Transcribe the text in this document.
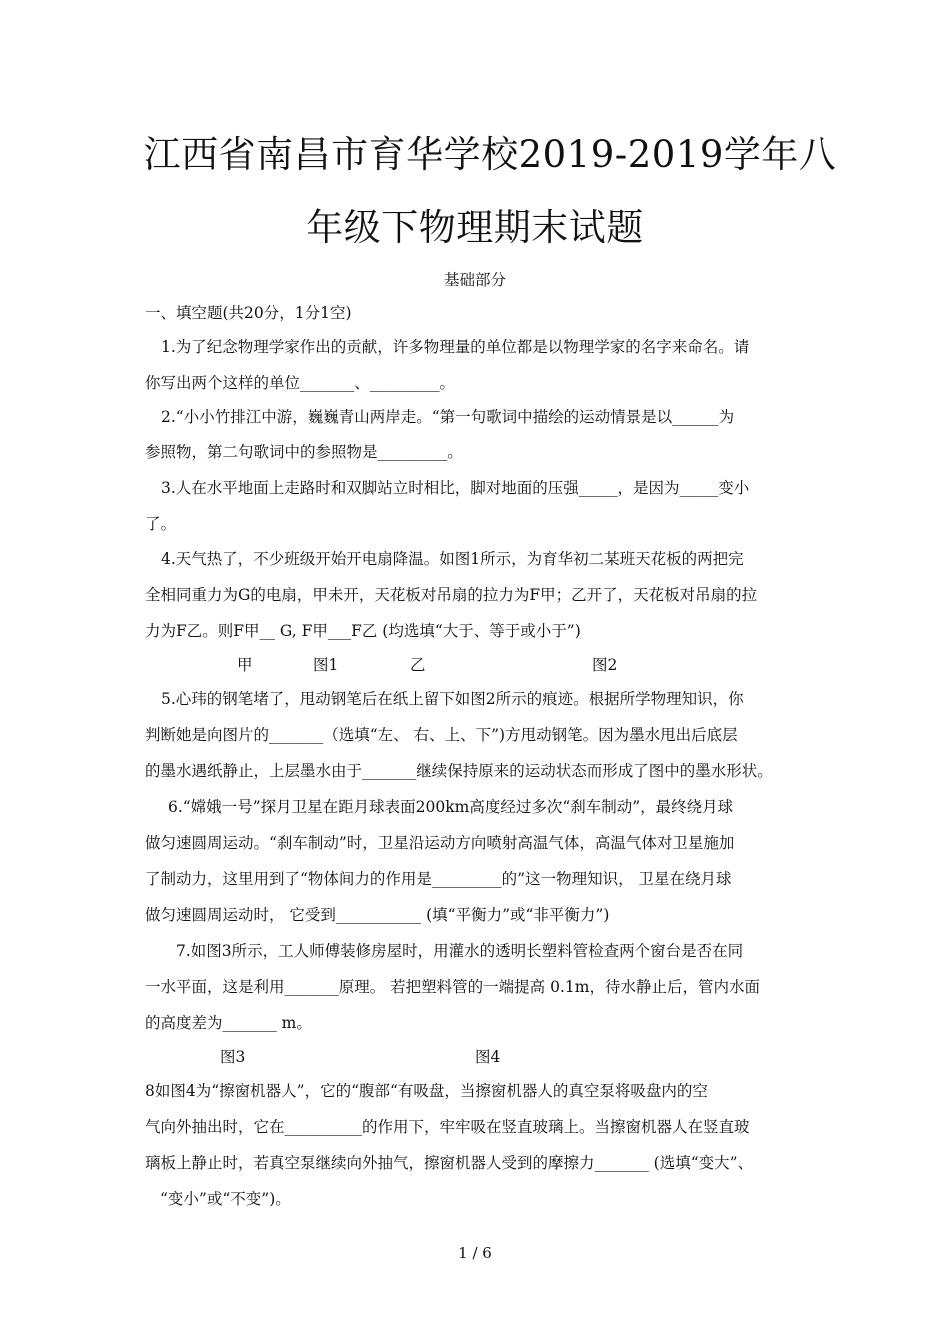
江西省南昌市育华学校2019-2019学年八
年级下物理期末试题
基础部分
一、填空题(共20分，1分1空)
1.为了纪念物理学家作出的贡献，许多物理量的单位都是以物理学家的名字来命名。请
你写出两个这样的单位_______、_________。
2.“小小竹排江中游，巍巍青山两岸走。“第一句歌词中描绘的运动情景是以______为
参照物，第二句歌词中的参照物是_________。
3.人在水平地面上走路时和双脚站立时相比，脚对地面的压强_____，是因为_____变小
了。
4.天气热了，不少班级开始开电扇降温。如图1所示，为育华初二某班天花板的两把完
全相同重力为G的电扇，甲未开，天花板对吊扇的拉力为F甲；乙开了，天花板对吊扇的拉
力为F乙。则F甲__ G, F甲___F乙 (均选填“大于、等于或小于”)
甲	图1	乙	图2
5.心玮的钢笔堵了，甩动钢笔后在纸上留下如图2所示的痕迹。根据所学物理知识，你
判断她是向图片的_______（选填“左、 右、上、下”)方甩动钢笔。因为墨水甩出后底层
的墨水遇纸静止，上层墨水由于_______继续保持原来的运动状态而形成了图中的墨水形状。
6.“嫦娥一号”探月卫星在距月球表面200km高度经过多次“刹车制动”，最终绕月球
做匀速圆周运动。“刹车制动”时，卫星沿运动方向喷射高温气体，高温气体对卫星施加
了制动力，这里用到了“物体间力的作用是_________的”这一物理知识， 卫星在绕月球
做匀速圆周运动时， 它受到___________ (填“平衡力”或“非平衡力”)
7.如图3所示，工人师傅装修房屋时，用灌水的透明长塑料管检查两个窗台是否在同
一水平面，这是利用_______原理。 若把塑料管的一端提高 0.1m，待水静止后，管内水面
的高度差为_______ m。
图3	图4
8如图4为“擦窗机器人”，它的“腹部“有吸盘，当擦窗机器人的真空泵将吸盘内的空
气向外抽出时，它在__________的作用下，牢牢吸在竖直玻璃上。当擦窗机器人在竖直玻
璃板上静止时，若真空泵继续向外抽气，擦窗机器人受到的摩擦力_______ (选填“变大”、
“变小”或“不变”)。
1 / 6
